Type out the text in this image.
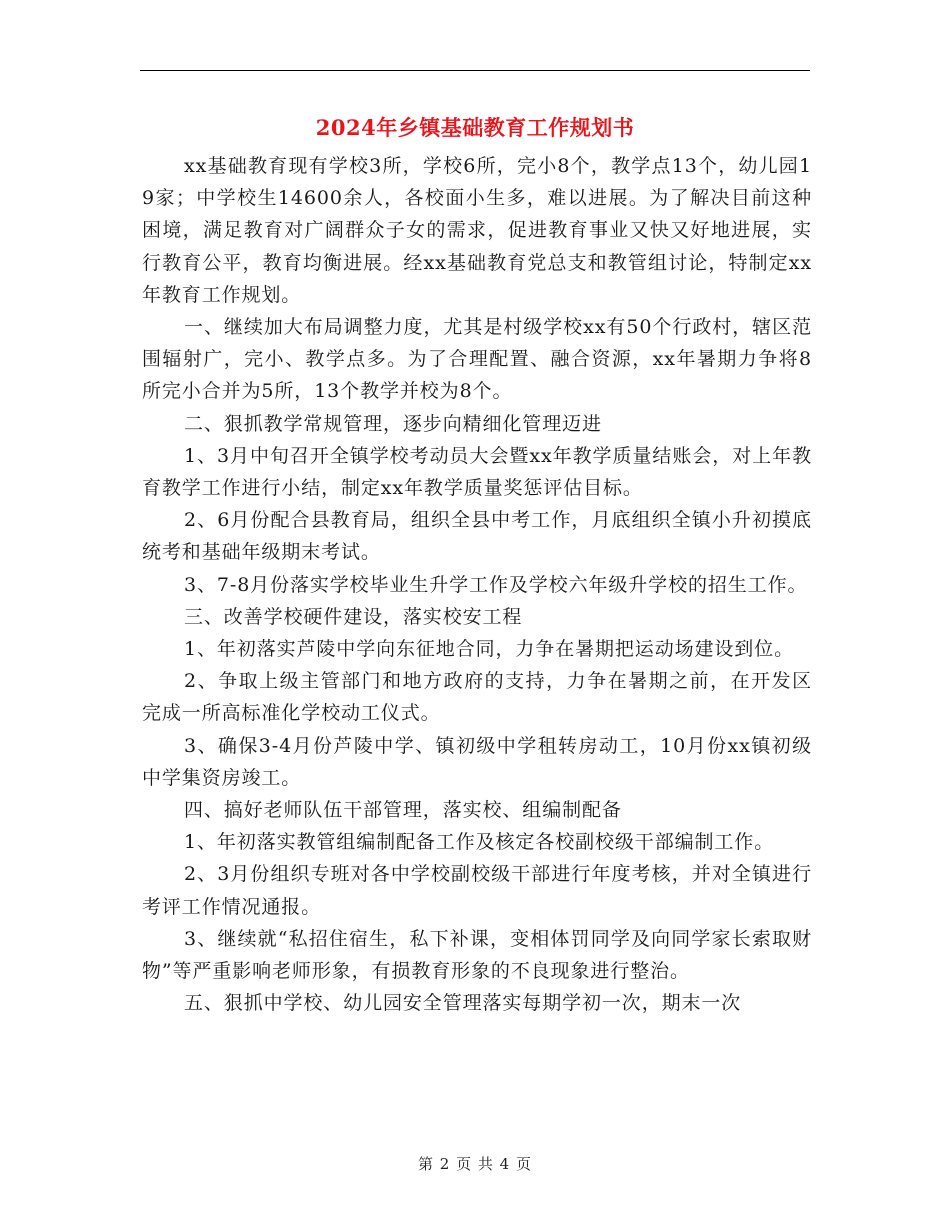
2024年乡镇基础教育工作规划书

xx基础教育现有学校3所，学校6所，完小8个，教学点13个，幼儿园19家；中学校生14600余人，各校面小生多，难以进展。为了解决目前这种困境，满足教育对广阔群众子女的需求，促进教育事业又快又好地进展，实行教育公平，教育均衡进展。经xx基础教育党总支和教管组讨论，特制定xx年教育工作规划。

一、继续加大布局调整力度，尤其是村级学校xx有50个行政村，辖区范围辐射广，完小、教学点多。为了合理配置、融合资源，xx年暑期力争将8所完小合并为5所，13个教学并校为8个。

二、狠抓教学常规管理，逐步向精细化管理迈进

1、3月中旬召开全镇学校考动员大会暨xx年教学质量结账会，对上年教育教学工作进行小结，制定xx年教学质量奖惩评估目标。

2、6月份配合县教育局，组织全县中考工作，月底组织全镇小升初摸底统考和基础年级期末考试。

3、7-8月份落实学校毕业生升学工作及学校六年级升学校的招生工作。

三、改善学校硬件建设，落实校安工程

1、年初落实芦陵中学向东征地合同，力争在暑期把运动场建设到位。

2、争取上级主管部门和地方政府的支持，力争在暑期之前，在开发区完成一所高标准化学校动工仪式。

3、确保3-4月份芦陵中学、镇初级中学租转房动工，10月份xx镇初级中学集资房竣工。

四、搞好老师队伍干部管理，落实校、组编制配备

1、年初落实教管组编制配备工作及核定各校副校级干部编制工作。

2、3月份组织专班对各中学校副校级干部进行年度考核，并对全镇进行考评工作情况通报。

3、继续就“私招住宿生，私下补课，变相体罚同学及向同学家长索取财物”等严重影响老师形象，有损教育形象的不良现象进行整治。

五、狠抓中学校、幼儿园安全管理落实每期学初一次，期末一次

第 2 页 共 4 页
